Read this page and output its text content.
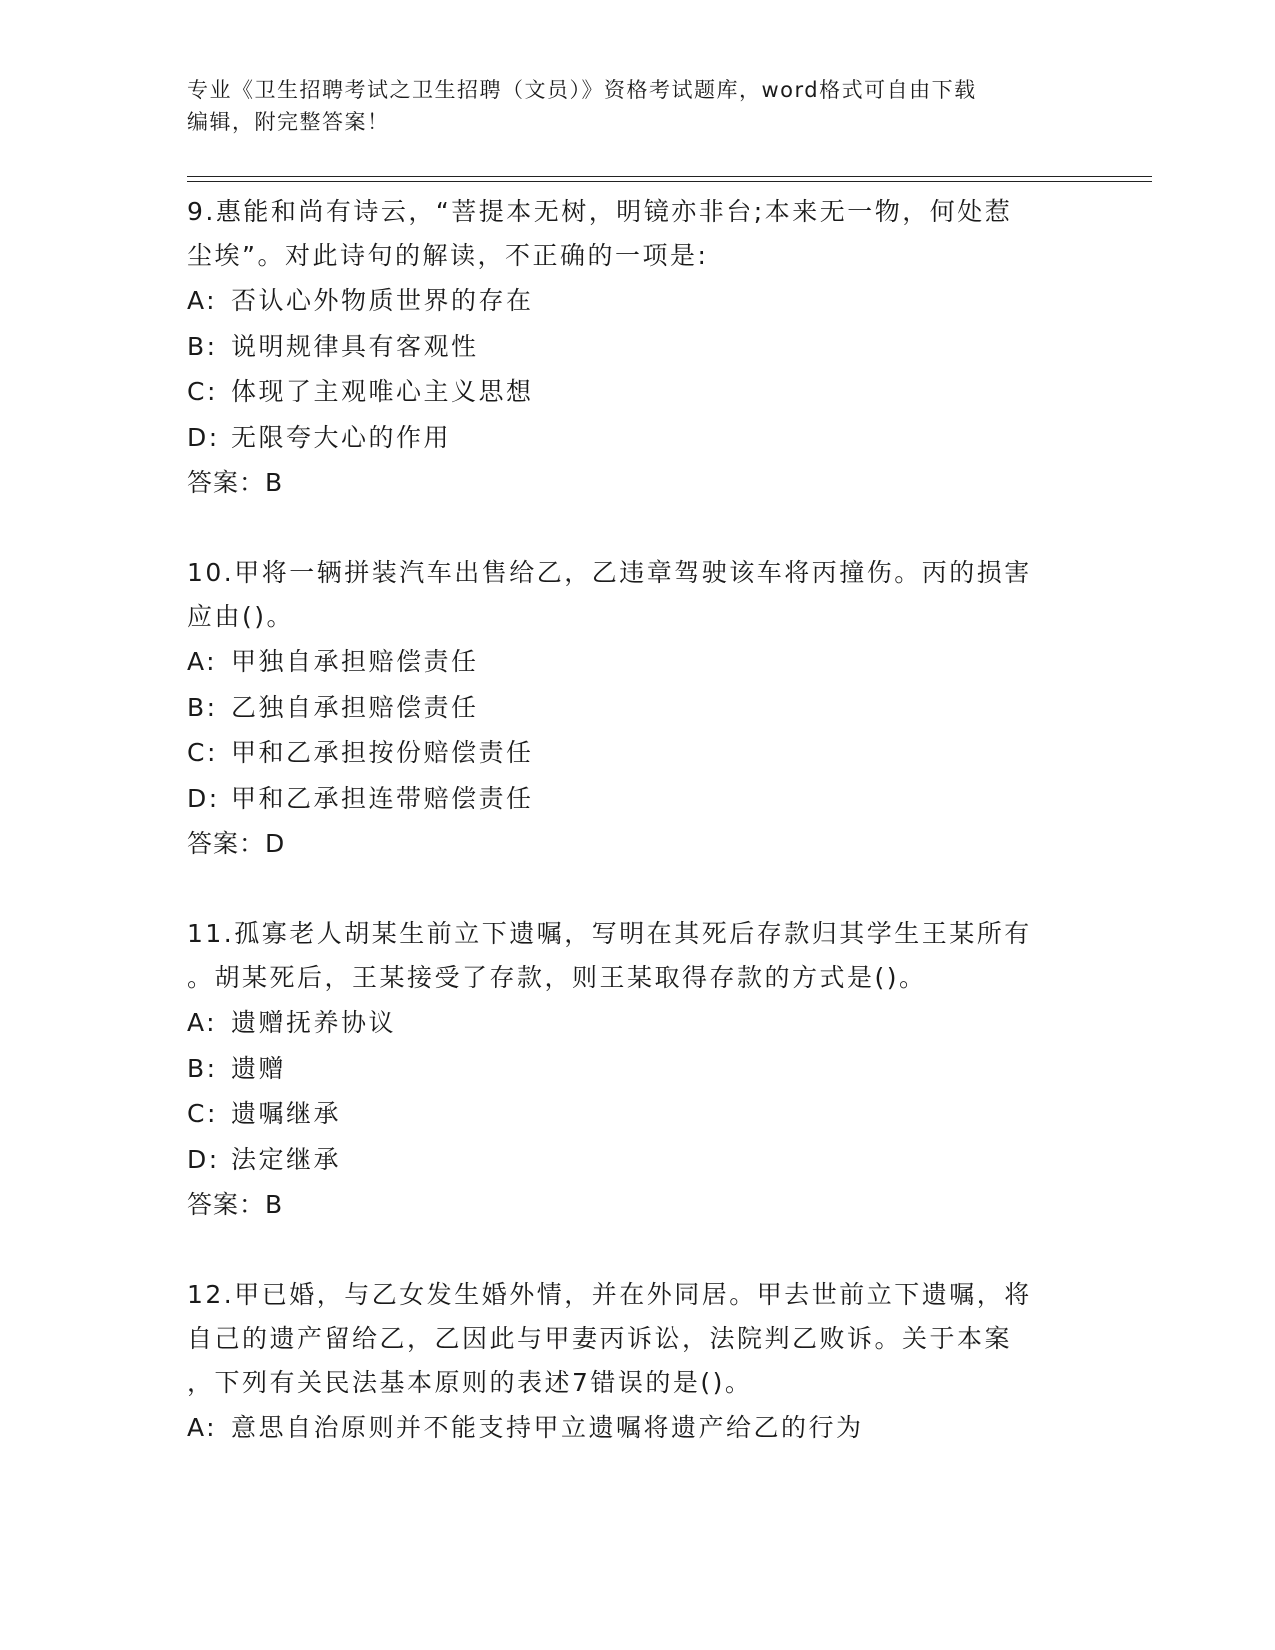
专业《卫生招聘考试之卫生招聘（文员）》资格考试题库，word格式可自由下载
编辑，附完整答案！

9.惠能和尚有诗云，“菩提本无树，明镜亦非台;本来无一物，何处惹

尘埃”。对此诗句的解读，不正确的一项是:

A: 否认心外物质世界的存在

B: 说明规律具有客观性

C: 体现了主观唯心主义思想

D: 无限夸大心的作用

答案：B

10.甲将一辆拼装汽车出售给乙，乙违章驾驶该车将丙撞伤。丙的损害

应由()。

A: 甲独自承担赔偿责任

B: 乙独自承担赔偿责任

C: 甲和乙承担按份赔偿责任

D: 甲和乙承担连带赔偿责任

答案：D

11.孤寡老人胡某生前立下遗嘱，写明在其死后存款归其学生王某所有

。胡某死后，王某接受了存款，则王某取得存款的方式是()。

A: 遗赠抚养协议

B: 遗赠

C: 遗嘱继承

D: 法定继承

答案：B

12.甲已婚，与乙女发生婚外情，并在外同居。甲去世前立下遗嘱，将

自己的遗产留给乙，乙因此与甲妻丙诉讼，法院判乙败诉。关于本案

，下列有关民法基本原则的表述7错误的是()。

A: 意思自治原则并不能支持甲立遗嘱将遗产给乙的行为
